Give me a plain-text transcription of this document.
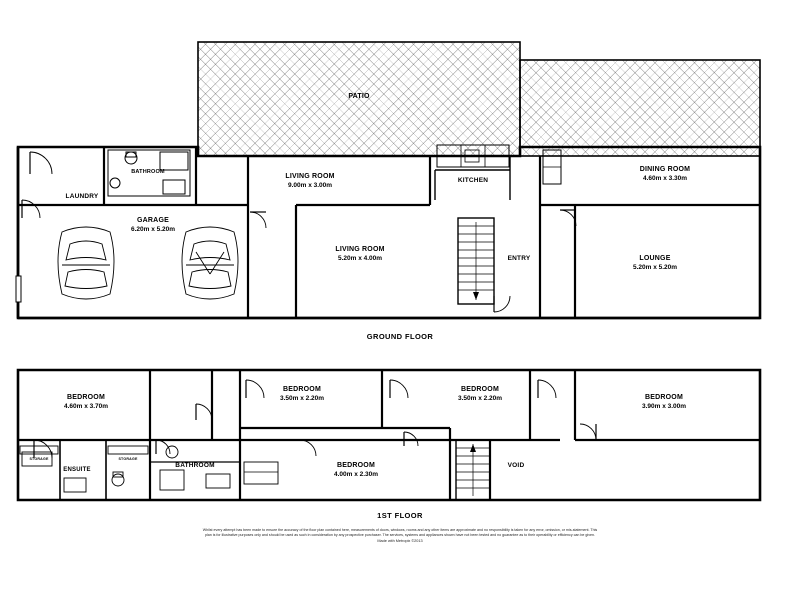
PATIO
BATHROOM
LAUNDRY
GARAGE
6.20m x 5.20m
LIVING ROOM
9.00m x 3.00m
LIVING ROOM
5.20m x 4.00m
KITCHEN
ENTRY
DINING ROOM
4.60m x 3.30m
LOUNGE
5.20m x 5.20m
GROUND FLOOR
BEDROOM
4.60m x 3.70m
BEDROOM
3.50m x 2.20m
BEDROOM
3.50m x 2.20m	BEDROOM
3.90m x 3.00m
BEDROOM
4.00m x 2.30m
ENSUITE
STORAGE	STORAGE
BATHROOM	VOID
1ST FLOOR
Whilst every attempt has been made to ensure the accuracy of the floor plan contained here, measurements of doors, windows, rooms and any other items are approximate and no responsibility is taken for any error, omission, or mis-statement. This plan is for illustrative purposes only and should be used as such in consideration by any prospective purchaser. The services, systems and appliances shown have not been tested and no guarantee as to their operability or efficiency can be given.
Made with Metropix ©2013
